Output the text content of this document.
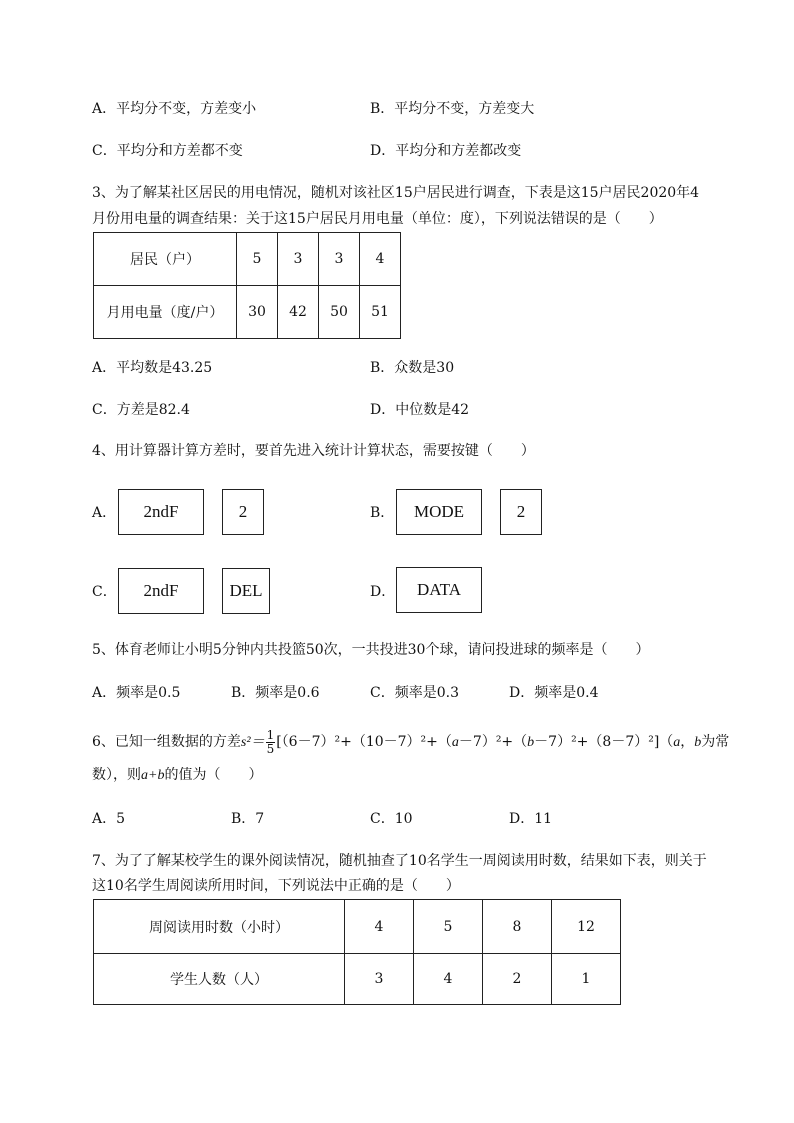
A．平均分不变，方差变小	B．平均分不变，方差变大
C．平均分和方差都不变	D．平均分和方差都改变
3、为了解某社区居民的用电情况，随机对该社区15户居民进行调查，下表是这15户居民2020年4
月份用电量的调查结果：关于这15户居民月用电量（单位：度），下列说法错误的是（　　）
居民（户）	5	3	3	4
月用电量（度/户）	30	42	50	51
A．平均数是43.25	B．众数是30
C．方差是82.4	D．中位数是42
4、用计算器计算方差时，要首先进入统计计算状态，需要按键（　　）
A．	2ndF	2	B．	MODE	2
C．	2ndF	DEL	D．	DATA
5、体育老师让小明5分钟内共投篮50次，一共投进30个球，请问投进球的频率是（　　）
A．频率是0.5	B．频率是0.6	C．频率是0.3	D．频率是0.4
6、已知一组数据的方差$s^2= \frac{1}{5} [(6-7)^2+(10-7)^2+(a-7)^2+(b-7)^2+(8-7)^2](a$，b为常
数），则a+b的值为（　　）
A．5	B．7	C．10	D．11
7、为了了解某校学生的课外阅读情况，随机抽查了10名学生一周阅读用时数，结果如下表，则关于
这10名学生周阅读所用时间，下列说法中正确的是（　　）
周阅读用时数（小时）	4	5	8	12
学生人数（人）	3	4	2	1
